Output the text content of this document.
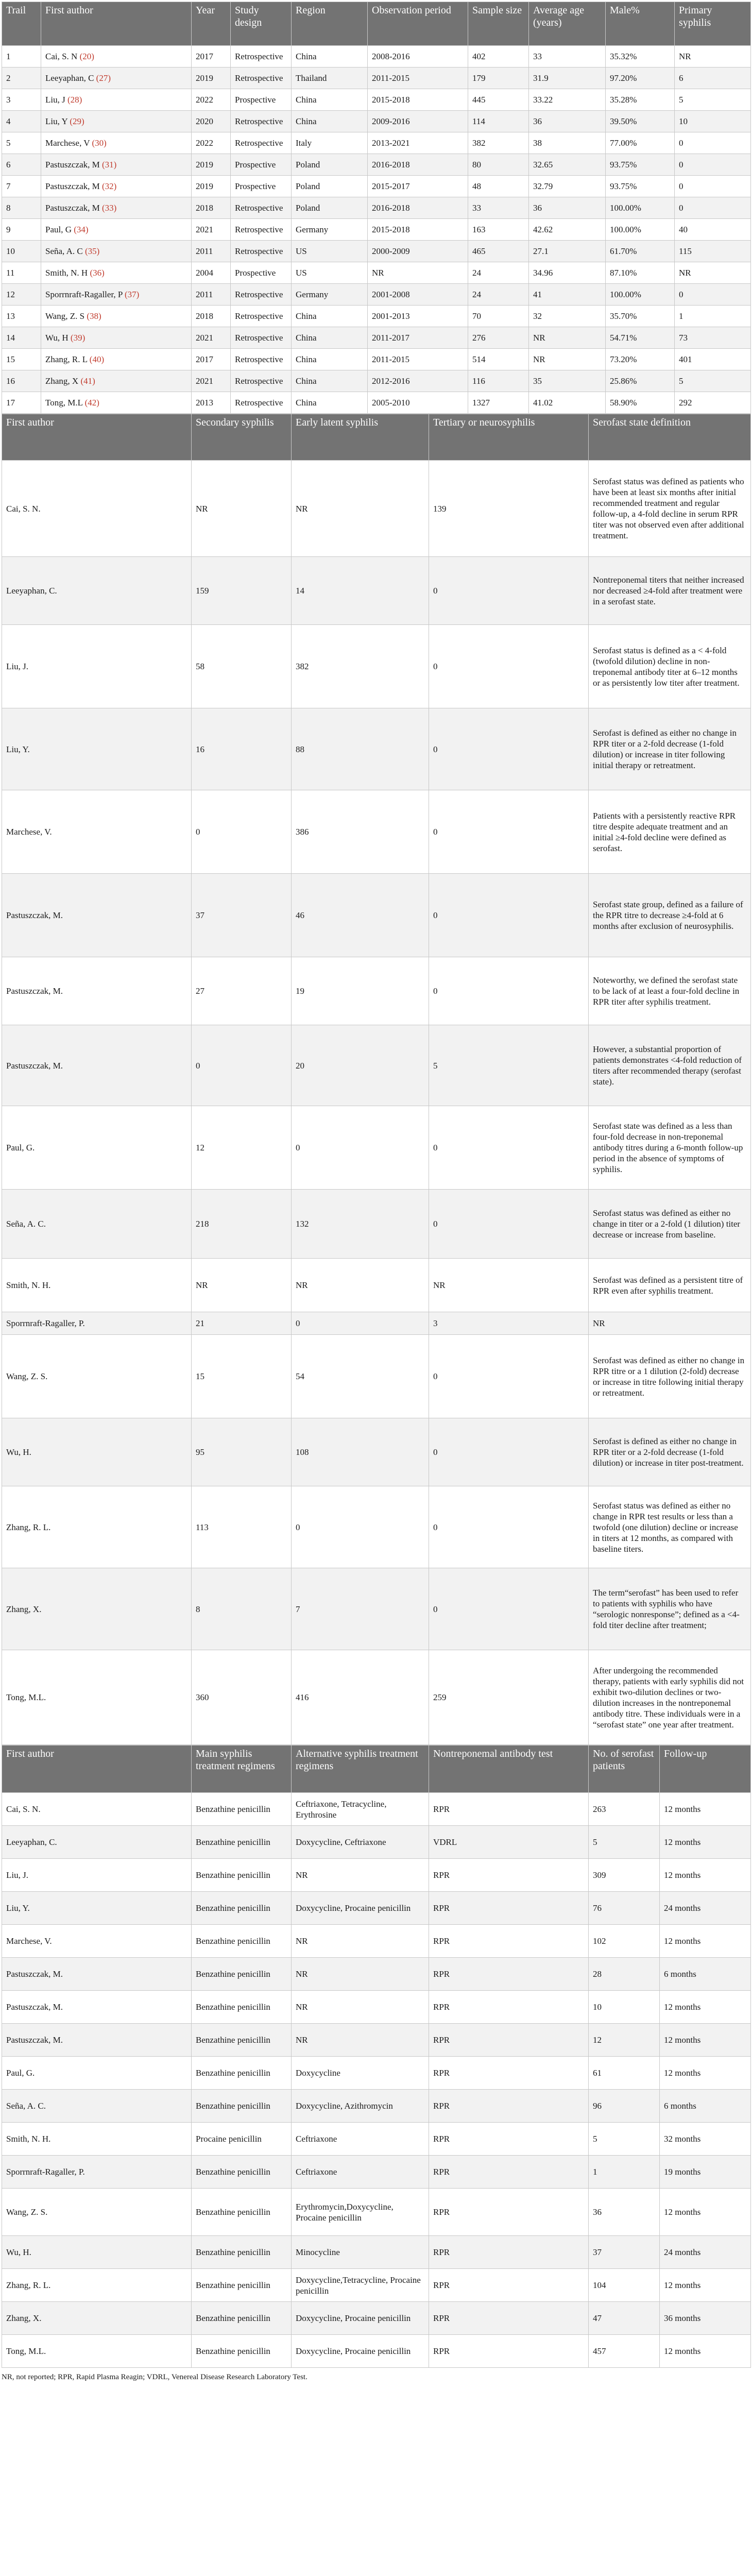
Trail	First author	Year	Study design	Region	Observation period	Sample size	Average age (years)	Male%	Primary syphilis
1	Cai, S. N (20)	2017	Retrospective	China	2008-2016	402	33	35.32%	NR
2	Leeyaphan, C (27)	2019	Retrospective	Thailand	2011-2015	179	31.9	97.20%	6
3	Liu, J (28)	2022	Prospective	China	2015-2018	445	33.22	35.28%	5
4	Liu, Y (29)	2020	Retrospective	China	2009-2016	114	36	39.50%	10
5	Marchese, V (30)	2022	Retrospective	Italy	2013-2021	382	38	77.00%	0
6	Pastuszczak, M (31)	2019	Prospective	Poland	2016-2018	80	32.65	93.75%	0
7	Pastuszczak, M (32)	2019	Prospective	Poland	2015-2017	48	32.79	93.75%	0
8	Pastuszczak, M (33)	2018	Retrospective	Poland	2016-2018	33	36	100.00%	0
9	Paul, G (34)	2021	Retrospective	Germany	2015-2018	163	42.62	100.00%	40
10	Seña, A. C (35)	2011	Retrospective	US	2000-2009	465	27.1	61.70%	115
11	Smith, N. H (36)	2004	Prospective	US	NR	24	34.96	87.10%	NR
12	Sporrnraft-Ragaller, P (37)	2011	Retrospective	Germany	2001-2008	24	41	100.00%	0
13	Wang, Z. S (38)	2018	Retrospective	China	2001-2013	70	32	35.70%	1
14	Wu, H (39)	2021	Retrospective	China	2011-2017	276	NR	54.71%	73
15	Zhang, R. L (40)	2017	Retrospective	China	2011-2015	514	NR	73.20%	401
16	Zhang, X (41)	2021	Retrospective	China	2012-2016	116	35	25.86%	5
17	Tong, M.L (42)	2013	Retrospective	China	2005-2010	1327	41.02	58.90%	292
First author	Secondary syphilis	Early latent syphilis	Tertiary or neurosyphilis	Serofast state definition
Cai, S. N.	NR	NR	139	Serofast status was defined as patients who have been at least six months after initial recommended treatment and regular follow-up, a 4-fold decline in serum RPR titer was not observed even after additional treatment.
Leeyaphan, C.	159	14	0	Nontreponemal titers that neither increased nor decreased ≥4-fold after treatment were in a serofast state.
Liu, J.	58	382	0	Serofast status is defined as a < 4-fold (twofold dilution) decline in non-treponemal antibody titer at 6–12 months or as persistently low titer after treatment.
Liu, Y.	16	88	0	Serofast is defined as either no change in RPR titer or a 2-fold decrease (1-fold dilution) or increase in titer following initial therapy or retreatment.
Marchese, V.	0	386	0	Patients with a persistently reactive RPR titre despite adequate treatment and an initial ≥4-fold decline were defined as serofast.
Pastuszczak, M.	37	46	0	Serofast state group, defined as a failure of the RPR titre to decrease ≥4-fold at 6 months after exclusion of neurosyphilis.
Pastuszczak, M.	27	19	0	Noteworthy, we defined the serofast state to be lack of at least a four-fold decline in RPR titer after syphilis treatment.
Pastuszczak, M.	0	20	5	However, a substantial proportion of patients demonstrates <4-fold reduction of titers after recommended therapy (serofast state).
Paul, G.	12	0	0	Serofast state was defined as a less than four-fold decrease in non-treponemal antibody titres during a 6-month follow-up period in the absence of symptoms of syphilis.
Seña, A. C.	218	132	0	Serofast status was defined as either no change in titer or a 2-fold (1 dilution) titer decrease or increase from baseline.
Smith, N. H.	NR	NR	NR	Serofast was defined as a persistent titre of RPR even after syphilis treatment.
Sporrnraft-Ragaller, P.	21	0	3	NR
Wang, Z. S.	15	54	0	Serofast was defined as either no change in RPR titre or a 1 dilution (2-fold) decrease or increase in titre following initial therapy or retreatment.
Wu, H.	95	108	0	Serofast is defined as either no change in RPR titer or a 2-fold decrease (1-fold dilution) or increase in titer post-treatment.
Zhang, R. L.	113	0	0	Serofast status was defined as either no change in RPR test results or less than a twofold (one dilution) decline or increase in titers at 12 months, as compared with baseline titers.
Zhang, X.	8	7	0	The term“serofast” has been used to refer to patients with syphilis who have “serologic nonresponse”; defined as a <4-fold titer decline after treatment;
Tong, M.L.	360	416	259	After undergoing the recommended therapy, patients with early syphilis did not exhibit two-dilution declines or two-dilution increases in the nontreponemal antibody titre. These individuals were in a “serofast state” one year after treatment.
First author	Main syphilis treatment regimens	Alternative syphilis treatment regimens	Nontreponemal antibody test	No. of serofast patients	Follow-up
Cai, S. N.	Benzathine penicillin	Ceftriaxone, Tetracycline, Erythrosine	RPR	263	12 months
Leeyaphan, C.	Benzathine penicillin	Doxycycline, Ceftriaxone	VDRL	5	12 months
Liu, J.	Benzathine penicillin	NR	RPR	309	12 months
Liu, Y.	Benzathine penicillin	Doxycycline, Procaine penicillin	RPR	76	24 months
Marchese, V.	Benzathine penicillin	NR	RPR	102	12 months
Pastuszczak, M.	Benzathine penicillin	NR	RPR	28	6 months
Pastuszczak, M.	Benzathine penicillin	NR	RPR	10	12 months
Pastuszczak, M.	Benzathine penicillin	NR	RPR	12	12 months
Paul, G.	Benzathine penicillin	Doxycycline	RPR	61	12 months
Seña, A. C.	Benzathine penicillin	Doxycycline, Azithromycin	RPR	96	6 months
Smith, N. H.	Procaine penicillin	Ceftriaxone	RPR	5	32 months
Sporrnraft-Ragaller, P.	Benzathine penicillin	Ceftriaxone	RPR	1	19 months
Wang, Z. S.	Benzathine penicillin	Erythromycin,Doxycycline, Procaine penicillin	RPR	36	12 months
Wu, H.	Benzathine penicillin	Minocycline	RPR	37	24 months
Zhang, R. L.	Benzathine penicillin	Doxycycline,Tetracycline, Procaine penicillin	RPR	104	12 months
Zhang, X.	Benzathine penicillin	Doxycycline, Procaine penicillin	RPR	47	36 months
Tong, M.L.	Benzathine penicillin	Doxycycline, Procaine penicillin	RPR	457	12 months
NR, not reported; RPR, Rapid Plasma Reagin; VDRL, Venereal Disease Research Laboratory Test.
